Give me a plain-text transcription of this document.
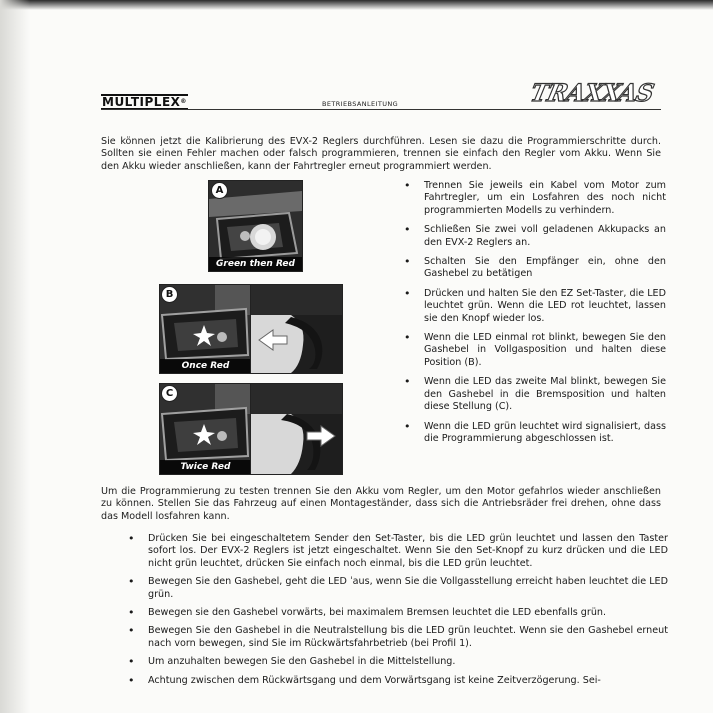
MULTIPLEX®	BETRIEBSANLEITUNG	TRAXXAS

Sie können jetzt die Kalibrierung des EVX-2 Reglers durchführen. Lesen sie dazu die Programmierschritte durch. Sollten sie einen Fehler machen oder falsch programmieren, trennen sie einfach den Regler vom Akku. Wenn Sie den Akku wieder anschließen, kann der Fahrtregler erneut programmiert werden.

Green then Red
A
Once Red
B
Twice Red
C
• Trennen Sie jeweils ein Kabel vom Motor zum Fahrtregler, um ein Losfahren des noch nicht programmierten Modells zu verhindern.
• Schließen Sie zwei voll geladenen Akkupacks an den EVX-2 Reglers an.
• Schalten Sie den Empfänger ein, ohne den Gashebel zu betätigen
• Drücken und halten Sie den EZ Set-Taster, die LED leuchtet grün. Wenn die LED rot leuchtet, lassen sie den Knopf wieder los.
• Wenn die LED einmal rot blinkt, bewegen Sie den Gashebel in Vollgasposition und halten diese Position (B).
• Wenn die LED das zweite Mal blinkt, bewegen Sie den Gashebel in die Bremsposition und halten diese Stellung (C).
• Wenn die LED grün leuchtet wird signalisiert, dass die Programmierung abgeschlossen ist.

Um die Programmierung zu testen trennen Sie den Akku vom Regler, um den Motor gefahrlos wieder anschließen zu können. Stellen Sie das Fahrzeug auf einen Montageständer, dass sich die Antriebsräder frei drehen, ohne dass das Modell losfahren kann.

• Drücken Sie bei eingeschaltetem Sender den Set-Taster, bis die LED grün leuchtet und lassen den Taster sofort los. Der EVX-2 Reglers ist jetzt eingeschaltet. Wenn Sie den Set-Knopf zu kurz drücken und die LED nicht grün leuchtet, drücken Sie einfach noch einmal, bis die LED grün leuchtet.
• Bewegen Sie den Gashebel, geht die LED ˈaus, wenn Sie die Vollgasstellung erreicht haben leuchtet die LED grün.
• Bewegen sie den Gashebel vorwärts, bei maximalem Bremsen leuchtet die LED ebenfalls grün.
• Bewegen Sie den Gashebel in die Neutralstellung bis die LED grün leuchtet. Wenn sie den Gashebel erneut nach vorn bewegen, sind Sie im Rückwärtsfahrbetrieb (bei Profil 1).
• Um anzuhalten bewegen Sie den Gashebel in die Mittelstellung.
• Achtung zwischen dem Rückwärtsgang und dem Vorwärtsgang ist keine Zeitverzögerung. Sei-
